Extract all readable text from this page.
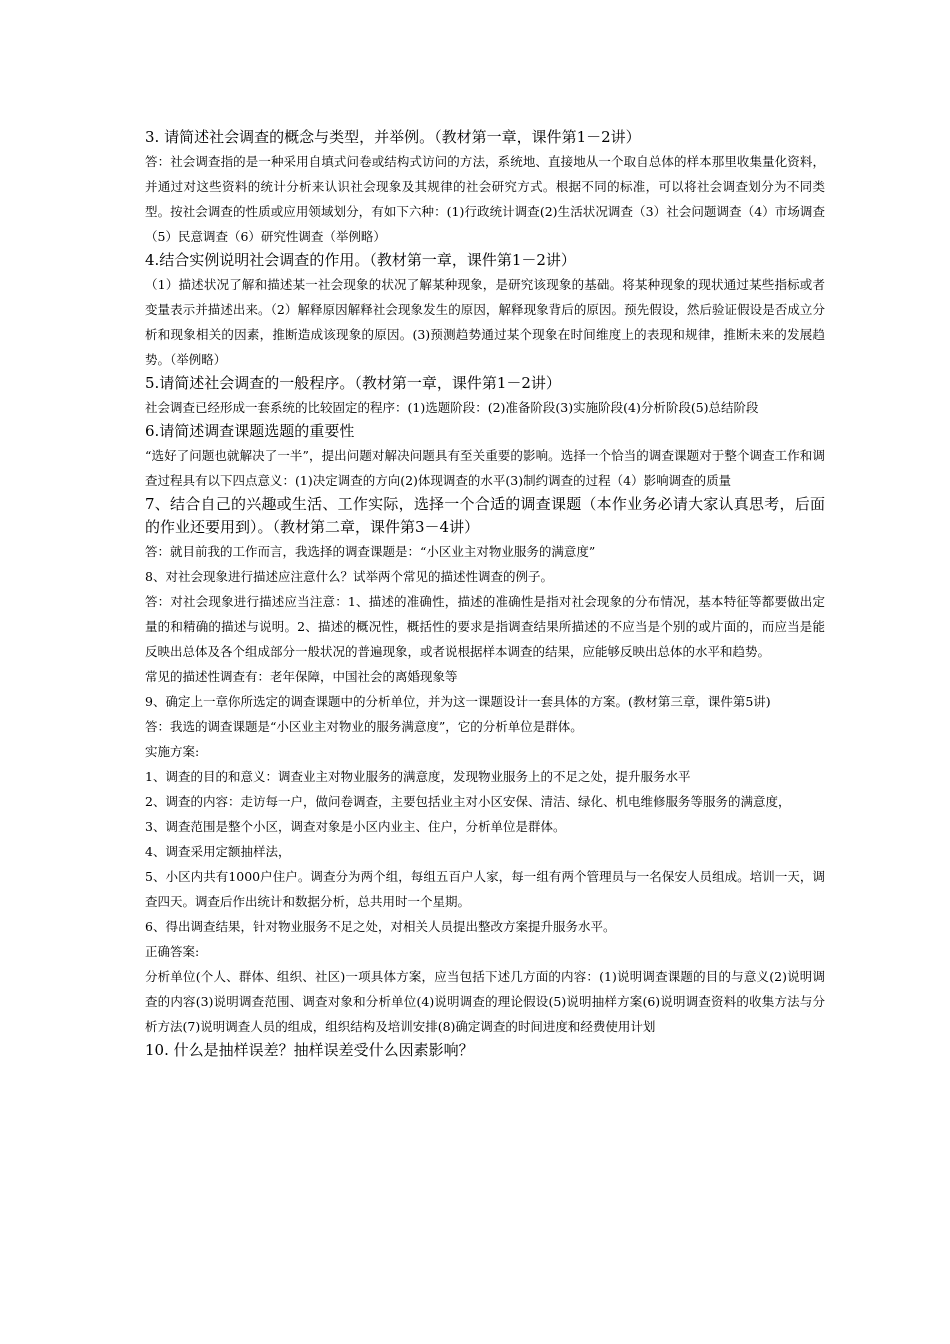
3. 请简述社会调查的概念与类型，并举例。（教材第一章，课件第1－2讲）

答：社会调查指的是一种采用自填式问卷或结构式访问的方法，系统地、直接地从一个取自总体的样本那里收集量化资料，并通过对这些资料的统计分析来认识社会现象及其规律的社会研究方式。根据不同的标准，可以将社会调查划分为不同类型。按社会调查的性质或应用领域划分，有如下六种：(1)行政统计调查(2)生活状况调查（3）社会问题调查（4）市场调查（5）民意调查（6）研究性调查（举例略）

4.结合实例说明社会调查的作用。（教材第一章，课件第1－2讲）

（1）描述状况了解和描述某一社会现象的状况了解某种现象，是研究该现象的基础。将某种现象的现状通过某些指标或者变量表示并描述出来。（2）解释原因解释社会现象发生的原因，解释现象背后的原因。预先假设，然后验证假设是否成立分析和现象相关的因素，推断造成该现象的原因。(3)预测趋势通过某个现象在时间维度上的表现和规律，推断未来的发展趋势。（举例略）

5.请简述社会调查的一般程序。（教材第一章，课件第1－2讲）

社会调查已经形成一套系统的比较固定的程序：(1)选题阶段：(2)准备阶段(3)实施阶段(4)分析阶段(5)总结阶段

6.请简述调查课题选题的重要性

“选好了问题也就解决了一半”，提出问题对解决问题具有至关重要的影响。选择一个恰当的调查课题对于整个调查工作和调查过程具有以下四点意义：(1)决定调查的方向(2)体现调查的水平(3)制约调查的过程（4）影响调查的质量

7、结合自己的兴趣或生活、工作实际，选择一个合适的调查课题（本作业务必请大家认真思考，后面的作业还要用到）。（教材第二章，课件第3－4讲）

答：就目前我的工作而言，我选择的调查课题是：“小区业主对物业服务的满意度”

8、对社会现象进行描述应注意什么？试举两个常见的描述性调查的例子。

答：对社会现象进行描述应当注意：1、描述的准确性，描述的准确性是指对社会现象的分布情况，基本特征等都要做出定量的和精确的描述与说明。2、描述的概况性，概括性的要求是指调查结果所描述的不应当是个别的或片面的，而应当是能反映出总体及各个组成部分一般状况的普遍现象，或者说根据样本调查的结果，应能够反映出总体的水平和趋势。

常见的描述性调查有：老年保障，中国社会的离婚现象等

9、确定上一章你所选定的调查课题中的分析单位，并为这一课题设计一套具体的方案。(教材第三章，课件第5讲)

答：我选的调查课题是“小区业主对物业的服务满意度”，它的分析单位是群体。

实施方案:

1、调查的目的和意义：调查业主对物业服务的满意度，发现物业服务上的不足之处，提升服务水平

2、调查的内容：走访每一户，做问卷调查，主要包括业主对小区安保、清洁、绿化、机电维修服务等服务的满意度，

3、调查范围是整个小区，调查对象是小区内业主、住户，分析单位是群体。

4、调查采用定额抽样法，

5、小区内共有1000户住户。调查分为两个组，每组五百户人家，每一组有两个管理员与一名保安人员组成。培训一天，调查四天。调查后作出统计和数据分析，总共用时一个星期。

6、得出调查结果，针对物业服务不足之处，对相关人员提出整改方案提升服务水平。

正确答案:

分析单位(个人、群体、组织、社区)一项具体方案，应当包括下述几方面的内容：(1)说明调查课题的目的与意义(2)说明调查的内容(3)说明调查范围、调查对象和分析单位(4)说明调查的理论假设(5)说明抽样方案(6)说明调查资料的收集方法与分析方法(7)说明调查人员的组成，组织结构及培训安排(8)确定调查的时间进度和经费使用计划

10. 什么是抽样误差？抽样误差受什么因素影响？
